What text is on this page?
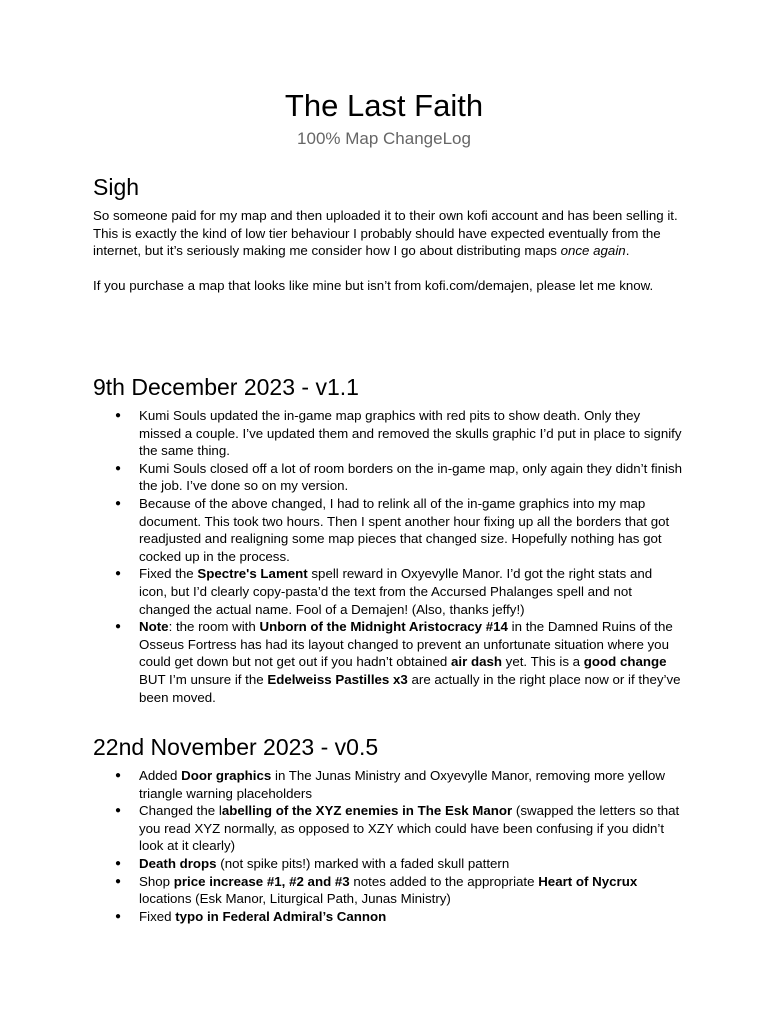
The Last Faith
100% Map ChangeLog
Sigh

So someone paid for my map and then uploaded it to their own kofi account and has been selling it. This is exactly the kind of low tier behaviour I probably should have expected eventually from the internet, but it’s seriously making me consider how I go about distributing maps once again.

If you purchase a map that looks like mine but isn’t from kofi.com/demajen, please let me know.

9th December 2023 - v1.1
● Kumi Souls updated the in-game map graphics with red pits to show death. Only they missed a couple. I’ve updated them and removed the skulls graphic I’d put in place to signify the same thing.
● Kumi Souls closed off a lot of room borders on the in-game map, only again they didn’t finish the job. I’ve done so on my version.
● Because of the above changed, I had to relink all of the in-game graphics into my map document. This took two hours. Then I spent another hour fixing up all the borders that got readjusted and realigning some map pieces that changed size. Hopefully nothing has got cocked up in the process.
● Fixed the Spectre's Lament spell reward in Oxyevylle Manor. I’d got the right stats and icon, but I’d clearly copy-pasta’d the text from the Accursed Phalanges spell and not changed the actual name. Fool of a Demajen! (Also, thanks jeffy!)
● Note: the room with Unborn of the Midnight Aristocracy #14 in the Damned Ruins of the Osseus Fortress has had its layout changed to prevent an unfortunate situation where you could get down but not get out if you hadn’t obtained air dash yet. This is a good change BUT I’m unsure if the Edelweiss Pastilles x3 are actually in the right place now or if they’ve been moved.
22nd November 2023 - v0.5
● Added Door graphics in The Junas Ministry and Oxyevylle Manor, removing more yellow triangle warning placeholders
● Changed the labelling of the XYZ enemies in The Esk Manor (swapped the letters so that you read XYZ normally, as opposed to XZY which could have been confusing if you didn’t look at it clearly)
● Death drops (not spike pits!) marked with a faded skull pattern
● Shop price increase #1, #2 and #3 notes added to the appropriate Heart of Nycrux locations (Esk Manor, Liturgical Path, Junas Ministry)
● Fixed typo in Federal Admiral’s Cannon
